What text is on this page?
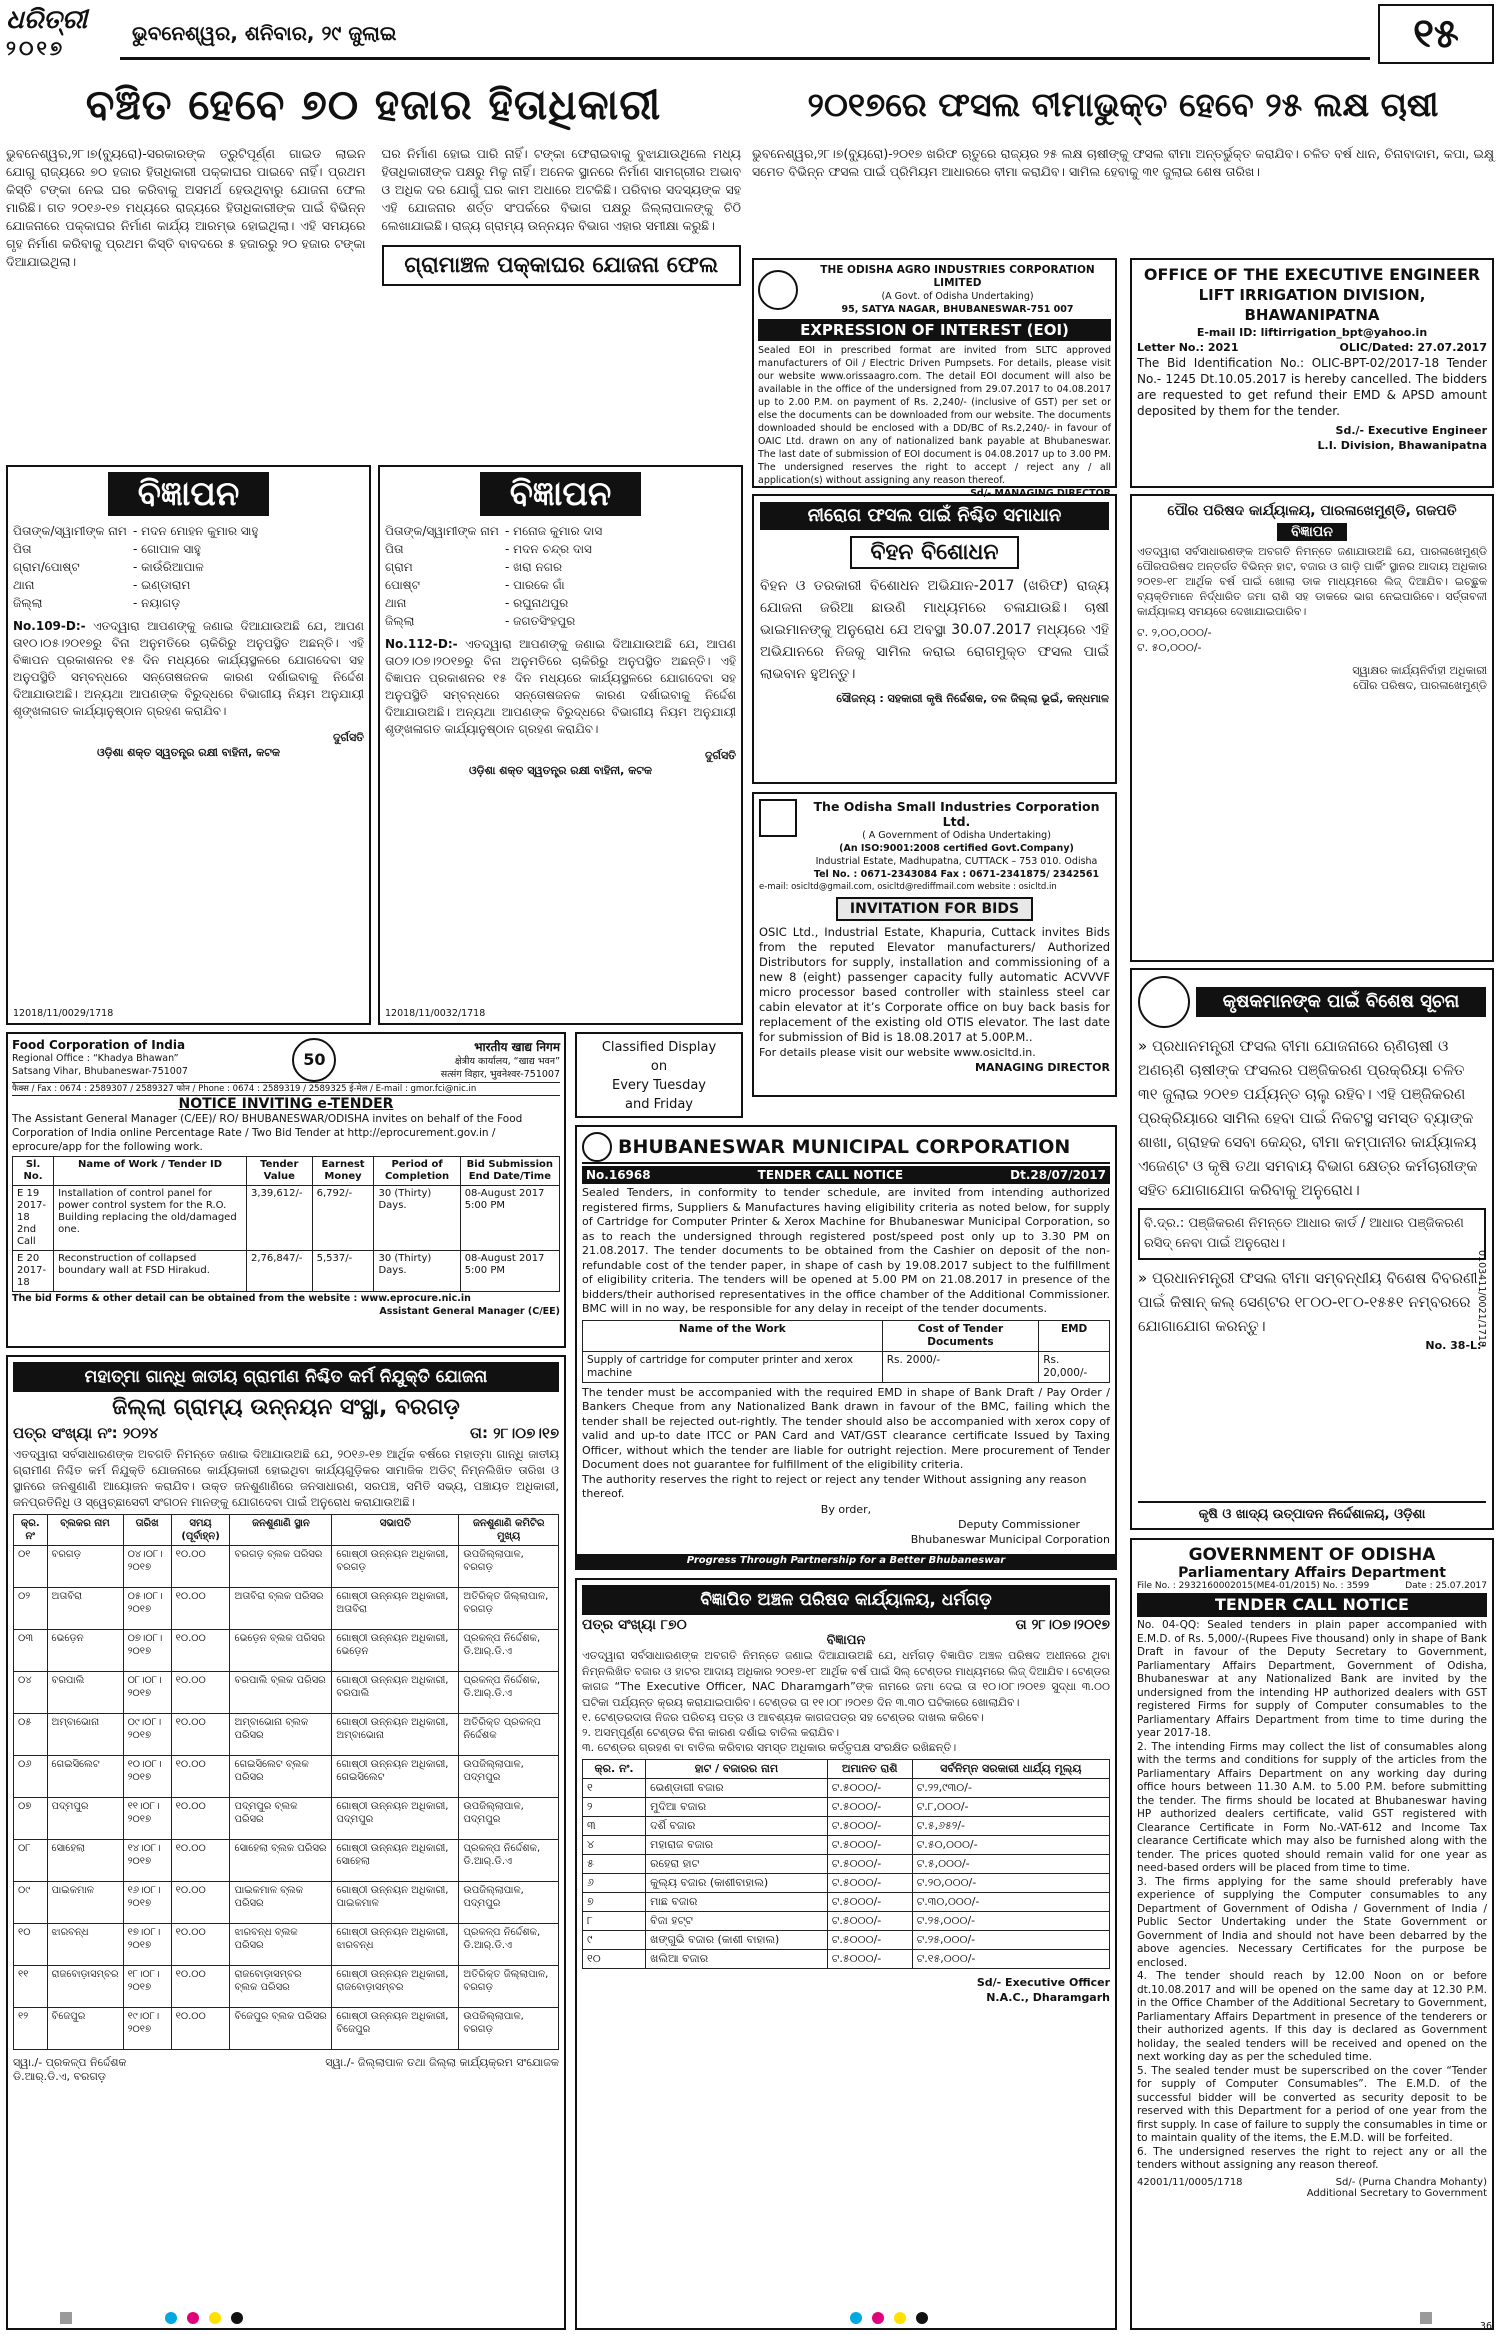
ଧରିତ୍ରୀ
୨୦୧୭
ଭୁବନେଶ୍ୱର, ଶନିବାର, ୨୯ ଜୁଲାଇ	୧୫
ବଞ୍ଚିତ ହେବେ ୭୦ ହଜାର ହିତାଧିକାରୀ
ଭୁବନେଶ୍ୱର,୨୮।୭(ବ୍ୟୁରୋ)-ସରକାରଙ୍କ ତ୍ରୁଟିପୂର୍ଣ୍ଣ ଗାଇଡ ଲାଇନ ଯୋଗୁ ରାଜ୍ୟରେ ୭୦ ହଜାର ହିତାଧିକାରୀ ପକ୍କାଘର ପାଇବେ ନାହିଁ। ପ୍ରଥମ କିସ୍ତି ଟଙ୍କା ନେଇ ଘର କରିବାକୁ ଅସମର୍ଥ ହେଉଥିବାରୁ ଯୋଜନା ଫେଲ ମାରିଛି। ଗତ ୨୦୧୬-୧୭ ମଧ୍ୟରେ ରାଜ୍ୟରେ ହିତାଧିକାରୀଙ୍କ ପାଇଁ ବିଭିନ୍ନ ଯୋଜନାରେ ପକ୍କାଘର ନିର୍ମାଣ କାର୍ଯ୍ୟ ଆରମ୍ଭ ହୋଇଥିଲା। ଏହି ସମୟରେ ଗୃହ ନିର୍ମାଣ କରିବାକୁ ପ୍ରଥମ କିସ୍ତି ବାବଦରେ ୫ ହଜାରରୁ ୨୦ ହଜାର ଟଙ୍କା ଦିଆଯାଇଥିଲା।
ଘର ନିର୍ମାଣ ହୋଇ ପାରି ନାହିଁ। ଟଙ୍କା ଫେରାଇବାକୁ ବୁଝାଯାଉଥିଲେ ମଧ୍ୟ ହିତାଧିକାରୀଙ୍କ ପକ୍ଷରୁ ମିଳୁ ନାହିଁ। ଅନେକ ସ୍ଥାନରେ ନିର୍ମାଣ ସାମଗ୍ରୀର ଅଭାବ ଓ ଅଧିକ ଦର ଯୋଗୁଁ ଘର କାମ ଅଧାରେ ଅଟକିଛି। ପରିବାର ସଦସ୍ୟଙ୍କ ସହ ଏହି ଯୋଜନାର ଶର୍ତ୍ତ ସଂପର୍କରେ ବିଭାଗ ପକ୍ଷରୁ ଜିଲ୍ଲାପାଳଙ୍କୁ ଚିଠି ଲେଖାଯାଇଛି। ରାଜ୍ୟ ଗ୍ରାମ୍ୟ ଉନ୍ନୟନ ବିଭାଗ ଏହାର ସମୀକ୍ଷା କରୁଛି।
ଗ୍ରାମାଞ୍ଚଳ ପକ୍କାଘର ଯୋଜନା ଫେଲ
୨୦୧୭ରେ ଫସଲ ବୀମାଭୁକ୍ତ ହେବେ ୨୫ ଲକ୍ଷ ଚାଷୀ
ଭୁବନେଶ୍ୱର,୨୮।୭(ବ୍ୟୁରୋ)-୨୦୧୭ ଖରିଫ ଋତୁରେ ରାଜ୍ୟର ୨୫ ଲକ୍ଷ ଚାଷୀଙ୍କୁ ଫସଲ ବୀମା ଅନ୍ତର୍ଭୁକ୍ତ କରାଯିବ। ଚଳିତ ବର୍ଷ ଧାନ, ଚିନାବାଦାମ, କପା, ଇକ୍ଷୁ ସମେତ ବିଭିନ୍ନ ଫସଲ ପାଇଁ ପ୍ରିମିୟମ ଆଧାରରେ ବୀମା କରାଯିବ। ସାମିଲ ହେବାକୁ ୩୧ ଜୁଲାଇ ଶେଷ ତାରିଖ।
THE ODISHA AGRO INDUSTRIES CORPORATION LIMITED
(A Govt. of Odisha Undertaking)
95, SATYA NAGAR, BHUBANESWAR-751 007
EXPRESSION OF INTEREST (EOI)
Sealed EOI in prescribed format are invited from SLTC approved manufacturers of Oil / Electric Driven Pumpsets. For details, please visit our website www.orissaagro.com. The detail EOI document will also be available in the office of the undersigned from 29.07.2017 to 04.08.2017 up to 2.00 P.M. on payment of Rs. 2,240/- (inclusive of GST) per set or else the documents can be downloaded from our website. The documents downloaded should be enclosed with a DD/BC of Rs.2,240/- in favour of OAIC Ltd. drawn on any of nationalized bank payable at Bhubaneswar. The last date of submission of EOI document is 04.08.2017 up to 3.00 PM. The undersigned reserves the right to accept / reject any / all application(s) without assigning any reason thereof.
Sd/- MANAGING DIRECTOR
OFFICE OF THE EXECUTIVE ENGINEER
LIFT IRRIGATION DIVISION, BHAWANIPATNA
E-mail ID: liftirrigation_bpt@yahoo.in
Letter No.: 2021	OLIC/Dated: 27.07.2017
The Bid Identification No.: OLIC-BPT-02/2017-18 Tender No.- 1245 Dt.10.05.2017 is hereby cancelled. The bidders are requested to get refund their EMD & APSD amount deposited by them for the tender.
Sd./- Executive Engineer
L.I. Division, Bhawanipatna
ପୌର ପରିଷଦ କାର୍ଯ୍ୟାଳୟ, ପାରଳାଖେମୁଣ୍ଡି, ଗଜପତି
ବିଜ୍ଞାପନ
ଏତଦ୍ୱାରା ସର୍ବସାଧାରଣଙ୍କ ଅବଗତି ନିମନ୍ତେ ଜଣାଯାଉଅଛି ଯେ, ପାରଳାଖେମୁଣ୍ଡି ପୌରପରିଷଦ ଅନ୍ତର୍ଗତ ବିଭିନ୍ନ ହାଟ, ବଜାର ଓ ଗାଡ଼ି ପାର୍କିଂ ସ୍ଥାନର ଆଦାୟ ଅଧିକାର ୨୦୧୭-୧୮ ଆର୍ଥିକ ବର୍ଷ ପାଇଁ ଖୋଲା ଡାକ ମାଧ୍ୟମରେ ଲିଜ୍‌ ଦିଆଯିବ। ଇଚ୍ଛୁକ ବ୍ୟକ୍ତିମାନେ ନିର୍ଦ୍ଧାରିତ ଜମା ରାଶି ସହ ଡାକରେ ଭାଗ ନେଇପାରିବେ। ସର୍ତ୍ତାବଳୀ କାର୍ଯ୍ୟାଳୟ ସମୟରେ ଦେଖାଯାଇପାରିବ।
ଟ. ୨,୦୦,୦୦୦/-
ଟ. ୫୦,୦୦୦/-
ସ୍ୱାକ୍ଷର କାର୍ଯ୍ୟନିର୍ବାହୀ ଅଧିକାରୀ
ପୌର ପରିଷଦ, ପାରଳାଖେମୁଣ୍ଡି
ବିଜ୍ଞାପନ
ପିତାଙ୍କ/ସ୍ୱାମୀଙ୍କ ନାମ - ମଦନ ମୋହନ କୁମାର ସାହୁ
ପିତା	- ଗୋପାଳ ସାହୁ
ଗ୍ରାମ/ପୋଷ୍ଟ	- କାଉଁରିଆପାଳ
ଥାନା	- ଇଣ୍ଡାରାମ
ଜିଲ୍ଲା	- ନୟାଗଡ଼
No.109-D:- ଏତଦ୍ୱାରା ଆପଣଙ୍କୁ ଜଣାଇ ଦିଆଯାଉଅଛି ଯେ, ଆପଣ ତା୧୦।୦୫।୨୦୧୭ରୁ ବିନା ଅନୁମତିରେ ଚାକିରିରୁ ଅନୁପସ୍ଥିତ ଅଛନ୍ତି। ଏହି ବିଜ୍ଞାପନ ପ୍ରକାଶନର ୧୫ ଦିନ ମଧ୍ୟରେ କାର୍ଯ୍ୟସ୍ଥଳରେ ଯୋଗଦେବା ସହ ଅନୁପସ୍ଥିତି ସମ୍ବନ୍ଧରେ ସନ୍ତୋଷଜନକ କାରଣ ଦର୍ଶାଇବାକୁ ନିର୍ଦ୍ଦେଶ ଦିଆଯାଉଅଛି। ଅନ୍ୟଥା ଆପଣଙ୍କ ବିରୁଦ୍ଧରେ ବିଭାଗୀୟ ନିୟମ ଅନୁଯାୟୀ ଶୃଙ୍ଖଳାଗତ କାର୍ଯ୍ୟାନୁଷ୍ଠାନ ଗ୍ରହଣ କରାଯିବ।
ଦୁର୍ଗସତି
ଓଡ଼ିଶା ଶକ୍ତ ସ୍ୱତନ୍ତ୍ର ରକ୍ଷୀ ବାହିନୀ, କଟକ
12018/11/0029/1718
ବିଜ୍ଞାପନ
ପିତାଙ୍କ/ସ୍ୱାମୀଙ୍କ ନାମ - ମନୋଜ କୁମାର ଦାସ
ପିତା	- ମଦନ ଚନ୍ଦ୍ର ଦାସ
ଗ୍ରାମ	- ଖରା ନଗର
ପୋଷ୍ଟ	- ପାରକେ ଗାଁ
ଥାନା	- ରଘୁନାଥପୁର
ଜିଲ୍ଲା	- ଜଗତସିଂହପୁର
No.112-D:- ଏତଦ୍ୱାରା ଆପଣଙ୍କୁ ଜଣାଇ ଦିଆଯାଉଅଛି ଯେ, ଆପଣ ତା୦୨।୦୭।୨୦୧୭ରୁ ବିନା ଅନୁମତିରେ ଚାକିରିରୁ ଅନୁପସ୍ଥିତ ଅଛନ୍ତି। ଏହି ବିଜ୍ଞାପନ ପ୍ରକାଶନର ୧୫ ଦିନ ମଧ୍ୟରେ କାର୍ଯ୍ୟସ୍ଥଳରେ ଯୋଗଦେବା ସହ ଅନୁପସ୍ଥିତି ସମ୍ବନ୍ଧରେ ସନ୍ତୋଷଜନକ କାରଣ ଦର୍ଶାଇବାକୁ ନିର୍ଦ୍ଦେଶ ଦିଆଯାଉଅଛି। ଅନ୍ୟଥା ଆପଣଙ୍କ ବିରୁଦ୍ଧରେ ବିଭାଗୀୟ ନିୟମ ଅନୁଯାୟୀ ଶୃଙ୍ଖଳାଗତ କାର୍ଯ୍ୟାନୁଷ୍ଠାନ ଗ୍ରହଣ କରାଯିବ।
ଦୁର୍ଗସତି
ଓଡ଼ିଶା ଶକ୍ତ ସ୍ୱତନ୍ତ୍ର ରକ୍ଷୀ ବାହିନୀ, କଟକ
12018/11/0032/1718
ନୀରୋଗ ଫସଲ ପାଇଁ ନିଶ୍ଚିତ ସମାଧାନ
ବିହନ ବିଶୋଧନ
ବିହନ ଓ ତରକାରୀ ବିଶୋଧନ ଅଭିଯାନ-2017 (ଖରିଫ) ରାଜ୍ୟ ଯୋଜନା ଜରିଆ ଛାଉଣି ମାଧ୍ୟମରେ ଚଳାଯାଉଛି। ଚାଷୀ ଭାଇମାନଙ୍କୁ ଅନୁରୋଧ ଯେ ଅବସ୍ଥା 30.07.2017 ମଧ୍ୟରେ ଏହି ଅଭିଯାନରେ ନିଜକୁ ସାମିଲ କରାଇ ରୋଗମୁକ୍ତ ଫସଲ ପାଇଁ ଲାଭବାନ ହୁଅନ୍ତୁ।
ସୌଜନ୍ୟ : ସହକାରୀ କୃଷି ନିର୍ଦ୍ଦେଶକ, ତଳ ଜିଲ୍ଲା ଭୂଇଁ, କନ୍ଧମାଳ
The Odisha Small Industries Corporation Ltd.
( A Government of Odisha Undertaking)
(An ISO:9001:2008 certified Govt.Company)
Industrial Estate, Madhupatna, CUTTACK – 753 010. Odisha
Tel No. : 0671-2343084 Fax : 0671-2341875/ 2342561
e-mail: osicltd@gmail.com, osicltd@rediffmail.com website : osicltd.in
INVITATION FOR BIDS
OSIC Ltd., Industrial Estate, Khapuria, Cuttack invites Bids from the reputed Elevator manufacturers/ Authorized Distributors for supply, installation and commissioning of a new 8 (eight) passenger capacity fully automatic ACVVVF micro processor based controller with stainless steel car cabin elevator at it’s Corporate office on buy back basis for replacement of the existing old OTIS elevator. The last date for submission of Bid is 18.08.2017 at 5.00P.M..
For details please visit our website www.osicltd.in.
MANAGING DIRECTOR
Food Corporation of India
Regional Office : “Khadya Bhawan”
Satsang Vihar, Bhubaneswar-751007
50
भारतीय खाद्य निगम
क्षेत्रीय कार्यालय, “खाद्य भवन”
सत्संग विहार, भुवनेश्वर-751007
फैक्स / Fax : 0674 : 2589307 / 2589327 फोन / Phone : 0674 : 2589319 / 2589325 ई-मेल / E-mail : gmor.fci@nic.in
NOTICE INVITING e-TENDER
The Assistant General Manager (C/EE)/ RO/ BHUBANESWAR/ODISHA invites on behalf of the Food Corporation of India online Percentage Rate / Two Bid Tender at http://eprocurement.gov.in / eprocure/app for the following work.
Sl. No.	Name of Work / Tender ID	Tender Value	Earnest Money	Period of Completion	Bid Submission End Date/Time
E 19
2017-18
2nd Call	Installation of control panel for power control system for the R.O. Building replacing the old/damaged one.	3,39,612/-	6,792/-	30 (Thirty) Days.	08-August 2017
5:00 PM
E 20
2017-18	Reconstruction of collapsed boundary wall at FSD Hirakud.	2,76,847/-	5,537/-	30 (Thirty) Days.	08-August 2017
5:00 PM
The bid Forms & other detail can be obtained from the website : www.eprocure.nic.in
Assistant General Manager (C/EE)
Classified Display
on
Every Tuesday
and Friday
BHUBANESWAR MUNICIPAL CORPORATION
No.16968	TENDER CALL NOTICE	Dt.28/07/2017
Sealed Tenders, in conformity to tender schedule, are invited from intending authorized registered firms, Suppliers & Manufactures having eligibility criteria as noted below, for supply of Cartridge for Computer Printer & Xerox Machine for Bhubaneswar Municipal Corporation, so as to reach the undersigned through registered post/speed post only up to 3.30 PM on 21.08.2017. The tender documents to be obtained from the Cashier on deposit of the non-refundable cost of the tender paper, in shape of cash by 19.08.2017 subject to the fulfillment of eligibility criteria. The tenders will be opened at 5.00 PM on 21.08.2017 in presence of the bidders/their authorised representatives in the office chamber of the Additional Commissioner. BMC will in no way, be responsible for any delay in receipt of the tender documents.
Name of the Work	Cost of Tender Documents	EMD
Supply of cartridge for computer printer and xerox machine	Rs. 2000/-	Rs. 20,000/-
The tender must be accompanied with the required EMD in shape of Bank Draft / Pay Order / Bankers Cheque from any Nationalized Bank drawn in favour of the BMC, failing which the tender shall be rejected out-rightly. The tender should also be accompanied with xerox copy of valid and up-to date ITCC or PAN Card and VAT/GST clearance certificate Issued by Taxing Officer, without which the tender are liable for outright rejection. Mere procurement of Tender Document does not guarantee for fulfillment of the eligibility criteria.
The authority reserves the right to reject or reject any tender Without assigning any reason thereof.
By order,
Deputy Commissioner
Bhubaneswar Municipal Corporation
Progress Through Partnership for a Better Bhubaneswar
କୃଷକମାନଙ୍କ ପାଇଁ ବିଶେଷ ସୂଚନା
» ପ୍ରଧାନମନ୍ତ୍ରୀ ଫସଲ ବୀମା ଯୋଜନାରେ ଋଣିଚାଷୀ ଓ ଅଣଋଣି ଚାଷୀଙ୍କ ଫସଲର ପଞ୍ଜିକରଣ ପ୍ରକ୍ରିୟା ଚଳିତ ୩୧ ଜୁଲାଇ ୨୦୧୭ ପର୍ଯ୍ୟନ୍ତ ଚାଲୁ ରହିବ। ଏହି ପଞ୍ଜିକରଣ ପ୍ରକ୍ରିୟାରେ ସାମିଲ ହେବା ପାଇଁ ନିକଟସ୍ଥ ସମସ୍ତ ବ୍ୟାଙ୍କ ଶାଖା, ଗ୍ରାହକ ସେବା କେନ୍ଦ୍ର, ବୀମା କମ୍ପାନୀର କାର୍ଯ୍ୟାଳୟ ଏଜେଣ୍ଟ ଓ କୃଷି ତଥା ସମବାୟ ବିଭାଗ କ୍ଷେତ୍ର କର୍ମଚାରୀଙ୍କ ସହିତ ଯୋଗାଯୋଗ କରିବାକୁ ଅନୁରୋଧ।
ବି.ଦ୍ର.: ପଞ୍ଜିକରଣ ନିମନ୍ତେ ଆଧାର କାର୍ଡ / ଆଧାର ପଞ୍ଜିକରଣ ରସିଦ୍‌ ନେବା ପାଇଁ ଅନୁରୋଧ।
» ପ୍ରଧାନମନ୍ତ୍ରୀ ଫସଲ ବୀମା ସମ୍ବନ୍ଧୀୟ ବିଶେଷ ବିବରଣୀ ପାଇଁ କିଷାନ୍‌ କଲ୍‌ ସେଣ୍ଟର ୧୮୦୦-୧୮୦-୧୫୫୧ ନମ୍ବରରେ ଯୋଗାଯୋଗ କରନ୍ତୁ।
No. 38-L:-
କୃଷି ଓ ଖାଦ୍ୟ ଉତ୍ପାଦନ ନିର୍ଦ୍ଦେଶାଳୟ, ଓଡ଼ିଶା
0103411/0021/1718
ମହାତ୍ମା ଗାନ୍ଧି ଜାତୀୟ ଗ୍ରାମୀଣ ନିଶ୍ଚିତ କର୍ମ ନିଯୁକ୍ତି ଯୋଜନା
ଜିଲ୍ଲା ଗ୍ରାମ୍ୟ ଉନ୍ନୟନ ସଂସ୍ଥା, ବରଗଡ଼
ପତ୍ର ସଂଖ୍ୟା ନଂ: ୨୦୨୪	ତା: ୨୮।୦୭।୧୭
ଏତଦ୍ୱାରା ସର୍ବସାଧାରଣଙ୍କ ଅବଗତି ନିମନ୍ତେ ଜଣାଇ ଦିଆଯାଉଅଛି ଯେ, ୨୦୧୬-୧୭ ଆର୍ଥିକ ବର୍ଷରେ ମହାତ୍ମା ଗାନ୍ଧି ଜାତୀୟ ଗ୍ରାମୀଣ ନିଶ୍ଚିତ କର୍ମ ନିଯୁକ୍ତି ଯୋଜନାରେ କାର୍ଯ୍ୟକାରୀ ହୋଇଥିବା କାର୍ଯ୍ୟଗୁଡ଼ିକର ସାମାଜିକ ଅଡିଟ୍‌ ନିମ୍ନଲିଖିତ ତାରିଖ ଓ ସ୍ଥାନରେ ଜନଶୁଣାଣି ଆୟୋଜନ କରାଯିବ। ଉକ୍ତ ଜନଶୁଣାଣିରେ ଜନସାଧାରଣ, ସରପଞ୍ଚ, ସମିତି ସଭ୍ୟ, ପଞ୍ଚାୟତ ଅଧିକାରୀ, ଜନପ୍ରତିନିଧି ଓ ସ୍ୱେଚ୍ଛାସେବୀ ସଂଗଠନ ମାନଙ୍କୁ ଯୋଗଦେବା ପାଇଁ ଅନୁରୋଧ କରାଯାଉଅଛି।
କ୍ର. ନଂ	ବ୍ଲକର ନାମ	ତାରିଖ	ସମୟ (ପୂର୍ବାହ୍ନ)	ଜନଶୁଣାଣି ସ୍ଥାନ	ସଭାପତି	ଜନଶୁଣାଣି କମିଟିର ମୁଖ୍ୟ
୦୧	ବରଗଡ଼	୦୪।୦୮।୨୦୧୭	୧୦.୦୦	ବରଗଡ଼ ବ୍ଲକ ପରିସର	ଗୋଷ୍ଠୀ ଉନ୍ନୟନ ଅଧିକାରୀ, ବରଗଡ଼	ଉପଜିଲ୍ଲାପାଳ, ବରଗଡ଼
୦୨	ଅତାବିରା	୦୫।୦୮।୨୦୧୭	୧୦.୦୦	ଅତାବିରା ବ୍ଲକ ପରିସର	ଗୋଷ୍ଠୀ ଉନ୍ନୟନ ଅଧିକାରୀ, ଅତାବିରା	ଅତିରିକ୍ତ ଜିଲ୍ଲାପାଳ, ବରଗଡ଼
୦୩	ଭେଡ଼େନ	୦୭।୦୮।୨୦୧୭	୧୦.୦୦	ଭେଡ଼େନ ବ୍ଲକ ପରିସର	ଗୋଷ୍ଠୀ ଉନ୍ନୟନ ଅଧିକାରୀ, ଭେଡ଼େନ	ପ୍ରକଳ୍ପ ନିର୍ଦ୍ଦେଶକ, ଡି.ଆର୍.ଡି.ଏ
୦୪	ବରପାଲି	୦୮।୦୮।୨୦୧୭	୧୦.୦୦	ବରପାଲି ବ୍ଲକ ପରିସର	ଗୋଷ୍ଠୀ ଉନ୍ନୟନ ଅଧିକାରୀ, ବରପାଲି	ପ୍ରକଳ୍ପ ନିର୍ଦ୍ଦେଶକ, ଡି.ଆର୍.ଡି.ଏ
୦୫	ଅମ୍ବାଭୋନା	୦୯।୦୮।୨୦୧୭	୧୦.୦୦	ଅମ୍ବାଭୋନା ବ୍ଲକ ପରିସର	ଗୋଷ୍ଠୀ ଉନ୍ନୟନ ଅଧିକାରୀ, ଅମ୍ବାଭୋନା	ଅତିରିକ୍ତ ପ୍ରକଳ୍ପ ନିର୍ଦ୍ଦେଶକ
୦୬	ଗେଇସିଲେଟ	୧୦।୦୮।୨୦୧୭	୧୦.୦୦	ଗେଇସିଲେଟ ବ୍ଲକ ପରିସର	ଗୋଷ୍ଠୀ ଉନ୍ନୟନ ଅଧିକାରୀ, ଗେଇସିଲେଟ	ଉପଜିଲ୍ଲାପାଳ, ପଦ୍ମପୁର
୦୭	ପଦ୍ମପୁର	୧୧।୦୮।୨୦୧୭	୧୦.୦୦	ପଦ୍ମପୁର ବ୍ଲକ ପରିସର	ଗୋଷ୍ଠୀ ଉନ୍ନୟନ ଅଧିକାରୀ, ପଦ୍ମପୁର	ଉପଜିଲ୍ଲାପାଳ, ପଦ୍ମପୁର
୦୮	ସୋହେଲା	୧୪।୦୮।୨୦୧୭	୧୦.୦୦	ସୋହେଲା ବ୍ଲକ ପରିସର	ଗୋଷ୍ଠୀ ଉନ୍ନୟନ ଅଧିକାରୀ, ସୋହେଲା	ପ୍ରକଳ୍ପ ନିର୍ଦ୍ଦେଶକ, ଡି.ଆର୍.ଡି.ଏ
୦୯	ପାଇକମାଳ	୧୬।୦୮।୨୦୧୭	୧୦.୦୦	ପାଇକମାଳ ବ୍ଲକ ପରିସର	ଗୋଷ୍ଠୀ ଉନ୍ନୟନ ଅଧିକାରୀ, ପାଇକମାଳ	ଉପଜିଲ୍ଲାପାଳ, ପଦ୍ମପୁର
୧୦	ଝାରବନ୍ଧ	୧୭।୦୮।୨୦୧୭	୧୦.୦୦	ଝାରବନ୍ଧ ବ୍ଲକ ପରିସର	ଗୋଷ୍ଠୀ ଉନ୍ନୟନ ଅଧିକାରୀ, ଝାରବନ୍ଧ	ପ୍ରକଳ୍ପ ନିର୍ଦ୍ଦେଶକ, ଡି.ଆର୍.ଡି.ଏ
୧୧	ରାଜବୋଡ଼ାସମ୍ବର	୧୮।୦୮।୨୦୧୭	୧୦.୦୦	ରାଜବୋଡ଼ାସମ୍ବର ବ୍ଲକ ପରିସର	ଗୋଷ୍ଠୀ ଉନ୍ନୟନ ଅଧିକାରୀ, ରାଜବୋଡ଼ାସମ୍ବର	ଅତିରିକ୍ତ ଜିଲ୍ଲାପାଳ, ବରଗଡ଼
୧୨	ବିଜେପୁର	୧୯।୦୮।୨୦୧୭	୧୦.୦୦	ବିଜେପୁର ବ୍ଲକ ପରିସର	ଗୋଷ୍ଠୀ ଉନ୍ନୟନ ଅଧିକାରୀ, ବିଜେପୁର	ଉପଜିଲ୍ଲାପାଳ, ବରଗଡ଼
ସ୍ୱା./- ପ୍ରକଳ୍ପ ନିର୍ଦ୍ଦେଶକ
ଡି.ଆର୍.ଡି.ଏ, ବରଗଡ଼
ସ୍ୱା./- ଜିଲ୍ଲାପାଳ ତଥା ଜିଲ୍ଲା କାର୍ଯ୍ୟକ୍ରମ ସଂଯୋଜକ
ବିଜ୍ଞାପିତ ଅଞ୍ଚଳ ପରିଷଦ କାର୍ଯ୍ୟାଳୟ, ଧର୍ମଗଡ଼
ପତ୍ର ସଂଖ୍ୟା ୮୭୦	ତା ୨୮।୦୭।୨୦୧୭
ବିଜ୍ଞାପନ
ଏତଦ୍ୱାରା ସର୍ବସାଧାରଣଙ୍କ ଅବଗତି ନିମନ୍ତେ ଜଣାଇ ଦିଆଯାଉଅଛି ଯେ, ଧର୍ମଗଡ଼ ବିଜ୍ଞାପିତ ଅଞ୍ଚଳ ପରିଷଦ ଅଧୀନରେ ଥିବା ନିମ୍ନଲିଖିତ ବଜାର ଓ ହାଟର ଆଦାୟ ଅଧିକାର ୨୦୧୭-୧୮ ଆର୍ଥିକ ବର୍ଷ ପାଇଁ ସିଲ୍‌ ଟେଣ୍ଡର ମାଧ୍ୟମରେ ଲିଜ୍‌ ଦିଆଯିବ। ଟେଣ୍ଡର କାଗଜ “The Executive Officer, NAC Dharamgarh”ଙ୍କ ନାମରେ ଜମା ଦେଇ ତା ୧୦।୦୮।୨୦୧୭ ସୁଦ୍ଧା ୩.୦୦ ଘଟିକା ପର୍ଯ୍ୟନ୍ତ କ୍ରୟ କରାଯାଇପାରିବ। ଟେଣ୍ଡର ତା ୧୧।୦୮।୨୦୧୭ ଦିନ ୩.୩୦ ଘଟିକାରେ ଖୋଲାଯିବ।
୧. ଟେଣ୍ଡରଦାତା ନିଜର ପରିଚୟ ପତ୍ର ଓ ଆବଶ୍ୟକ କାଗଜପତ୍ର ସହ ଟେଣ୍ଡର ଦାଖଲ କରିବେ।
୨. ଅସମ୍ପୂର୍ଣ୍ଣ ଟେଣ୍ଡର ବିନା କାରଣ ଦର୍ଶାଇ ବାତିଲ କରାଯିବ।
୩. ଟେଣ୍ଡର ଗ୍ରହଣ ବା ବାତିଲ କରିବାର ସମସ୍ତ ଅଧିକାର କର୍ତ୍ତୃପକ୍ଷ ସଂରକ୍ଷିତ ରଖିଛନ୍ତି।
କ୍ର. ନଂ.	ହାଟ / ବଜାରର ନାମ	ଅମାନତ ରାଶି	ସର୍ବନିମ୍ନ ସରକାରୀ ଧାର୍ଯ୍ୟ ମୂଲ୍ୟ
୧	ଭେଣ୍ଡାଗୀ ବଜାର	ଟ.୫୦୦୦/-	ଟ.୨୨,୯୩୦/-
୨	ମୁଦିଆ ବଜାର	ଟ.୫୦୦୦/-	ଟ.୮,୦୦୦/-
୩	ଦର୍ଶି ବଜାର	ଟ.୫୦୦୦/-	ଟ.୫,୬୫୨/-
୪	ମହାରାଜ ବଜାର	ଟ.୫୦୦୦/-	ଟ.୫୦,୦୦୦/-
୫	ରହେରା ହାଟ	ଟ.୫୦୦୦/-	ଟ.୫,୦୦୦/-
୬	କୁଲ୍ୟ ବଜାର (କାଶୀବାହାଲ)	ଟ.୫୦୦୦/-	ଟ.୨୦,୦୦୦/-
୭	ମାଛ ବଜାର	ଟ.୫୦୦୦/-	ଟ.୩୦,୦୦୦/-
୮	ବିଜା ହଟ୍ଟ	ଟ.୫୦୦୦/-	ଟ.୨୫,୦୦୦/-
୯	ଖଙ୍ଗୁଭି ବଜାର (କାଶୀ ବାହାଲ)	ଟ.୫୦୦୦/-	ଟ.୨୫,୦୦୦/-
୧୦	ଖଲିଆ ବଜାର	ଟ.୫୦୦୦/-	ଟ.୧୫,୦୦୦/-
Sd/- Executive Officer
N.A.C., Dharamgarh
GOVERNMENT OF ODISHA
Parliamentary Affairs Department
File No. : 2932160002015(ME4-01/2015) No. : 3599	Date : 25.07.2017
TENDER CALL NOTICE
No. 04-QQ: Sealed tenders in plain paper accompanied with E.M.D. of Rs. 5,000/-(Rupees Five thousand) only in shape of Bank Draft in favour of the Deputy Secretary to Government, Parliamentary Affairs Department, Government of Odisha, Bhubaneswar at any Nationalized Bank are invited by the undersigned from the intending HP authorized dealers with GST registered Firms for supply of Computer consumables to the Parliamentary Affairs Department from time to time during the year 2017-18.
2. The intending Firms may collect the list of consumables along with the terms and conditions for supply of the articles from the Parliamentary Affairs Department on any working day during office hours between 11.30 A.M. to 5.00 P.M. before submitting the tender. The firms should be located at Bhubaneswar having HP authorized dealers certificate, valid GST registered with Clearance Certificate in Form No.-VAT-612 and Income Tax clearance Certificate which may also be furnished along with the tender. The prices quoted should remain valid for one year as need-based orders will be placed from time to time.
3. The firms applying for the same should preferably have experience of supplying the Computer consumables to any Department of Government of Odisha / Government of India / Public Sector Undertaking under the State Government or Government of India and should not have been debarred by the above agencies. Necessary Certificates for the purpose be enclosed.
4. The tender should reach by 12.00 Noon on or before dt.10.08.2017 and will be opened on the same day at 12.30 P.M. in the Office Chamber of the Additional Secretary to Government, Parliamentary Affairs Department in presence of the tenderers or their authorized agents. If this day is declared as Government holiday, the sealed tenders will be received and opened on the next working day as per the scheduled time.
5. The sealed tender must be superscribed on the cover “Tender for supply of Computer Consumables”. The E.M.D. of the successful bidder will be converted as security deposit to be reserved with this Department for a period of one year from the first supply. In case of failure to supply the consumables in time or to maintain quality of the items, the E.M.D. will be forfeited.
6. The undersigned reserves the right to reject any or all the tenders without assigning any reason thereof.
42001/11/0005/1718	Sd/- (Purna Chandra Mohanty)
Additional Secretary to Government

36
